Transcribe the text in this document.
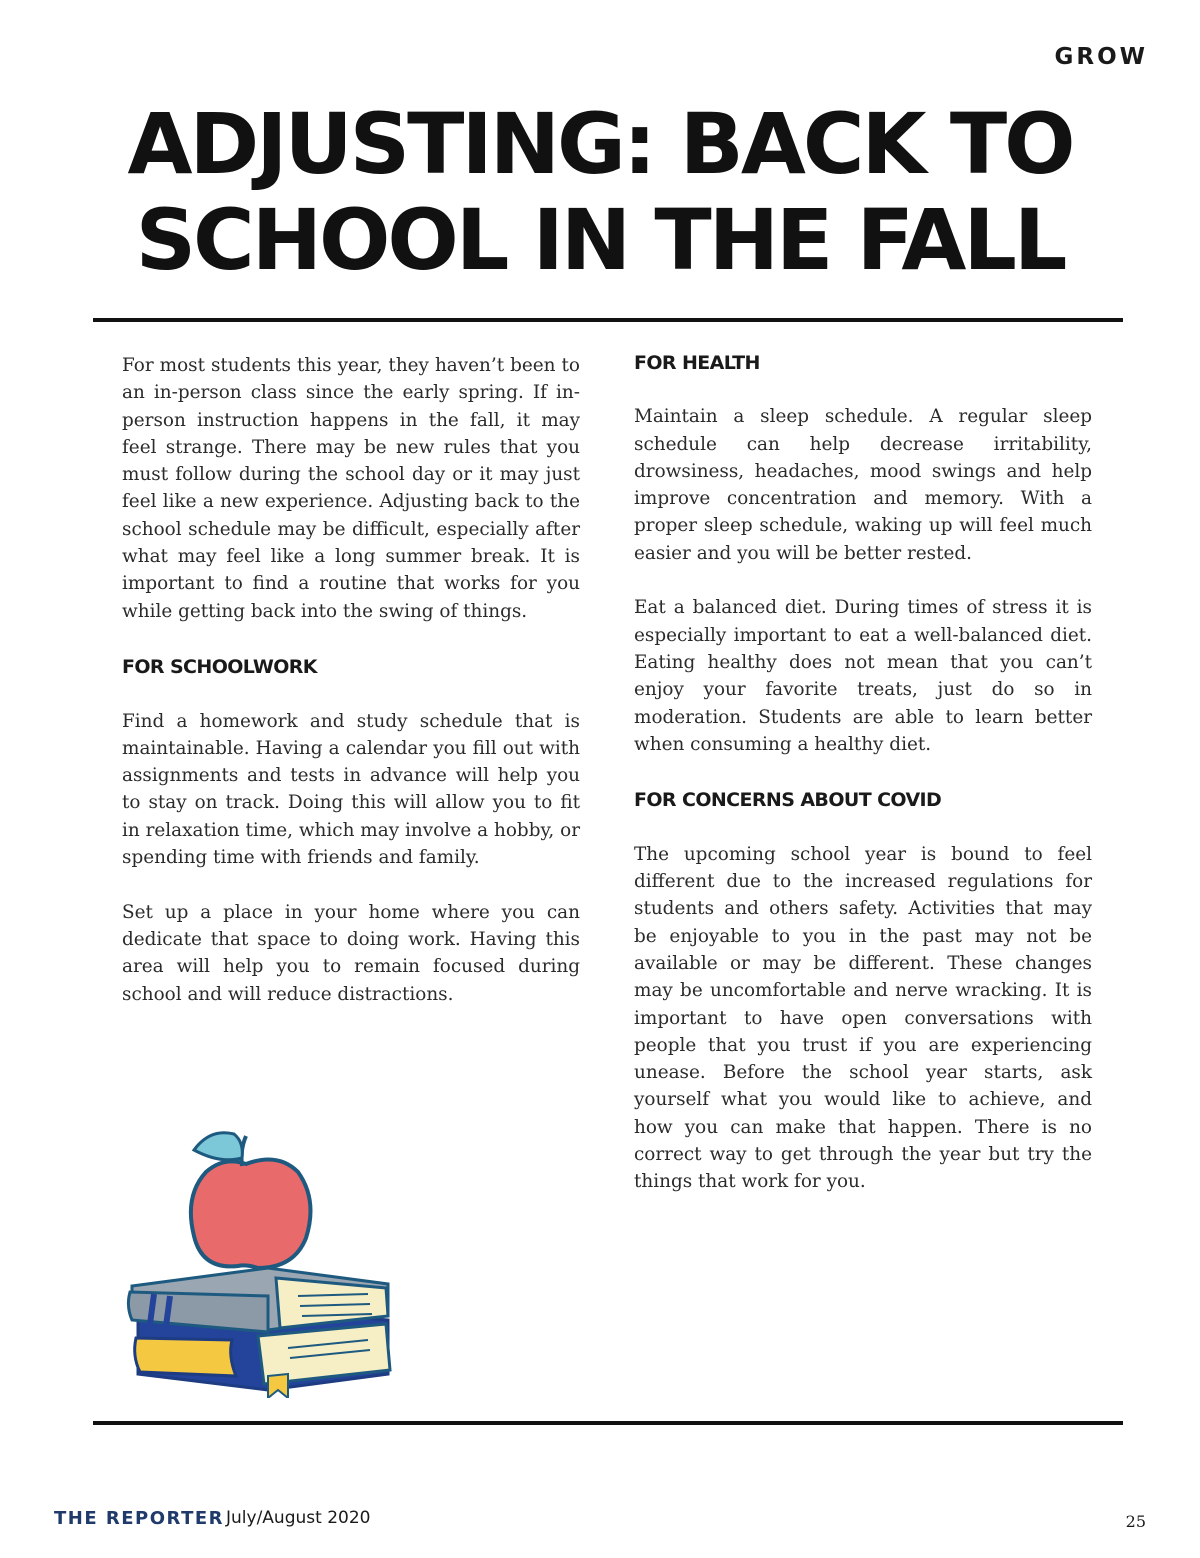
GROW
ADJUSTING: BACK TO
SCHOOL IN THE FALL

For most students this year, they haven’t been to an in-person class since the early spring. If in-person instruction happens in the fall, it may feel strange. There may be new rules that you must follow during the school day or it may just feel like a new experience. Adjusting back to the school schedule may be difficult, especially after what may feel like a long summer break. It is important to find a routine that works for you while getting back into the swing of things.

FOR SCHOOLWORK

Find a homework and study schedule that is maintainable. Having a calendar you fill out with assignments and tests in advance will help you to stay on track. Doing this will allow you to fit in relaxation time, which may involve a hobby, or spending time with friends and family.

Set up a place in your home where you can dedicate that space to doing work. Having this area will help you to remain focused during school and will reduce distractions.

FOR HEALTH

Maintain a sleep schedule. A regular sleep schedule can help decrease irritability, drowsiness, headaches, mood swings and help improve concentration and memory. With a proper sleep schedule, waking up will feel much easier and you will be better rested.

Eat a balanced diet. During times of stress it is especially important to eat a well-balanced diet. Eating healthy does not mean that you can’t enjoy your favorite treats, just do so in moderation. Students are able to learn better when consuming a healthy diet.

FOR CONCERNS ABOUT COVID

The upcoming school year is bound to feel different due to the increased regulations for students and others safety. Activities that may be enjoyable to you in the past may not be available or may be different. These changes may be uncomfortable and nerve wracking. It is important to have open conversations with people that you trust if you are experiencing unease. Before the school year starts, ask yourself what you would like to achieve, and how you can make that happen. There is no correct way to get through the year but try the things that work for you.

THE REPORTER July/August 2020	25
